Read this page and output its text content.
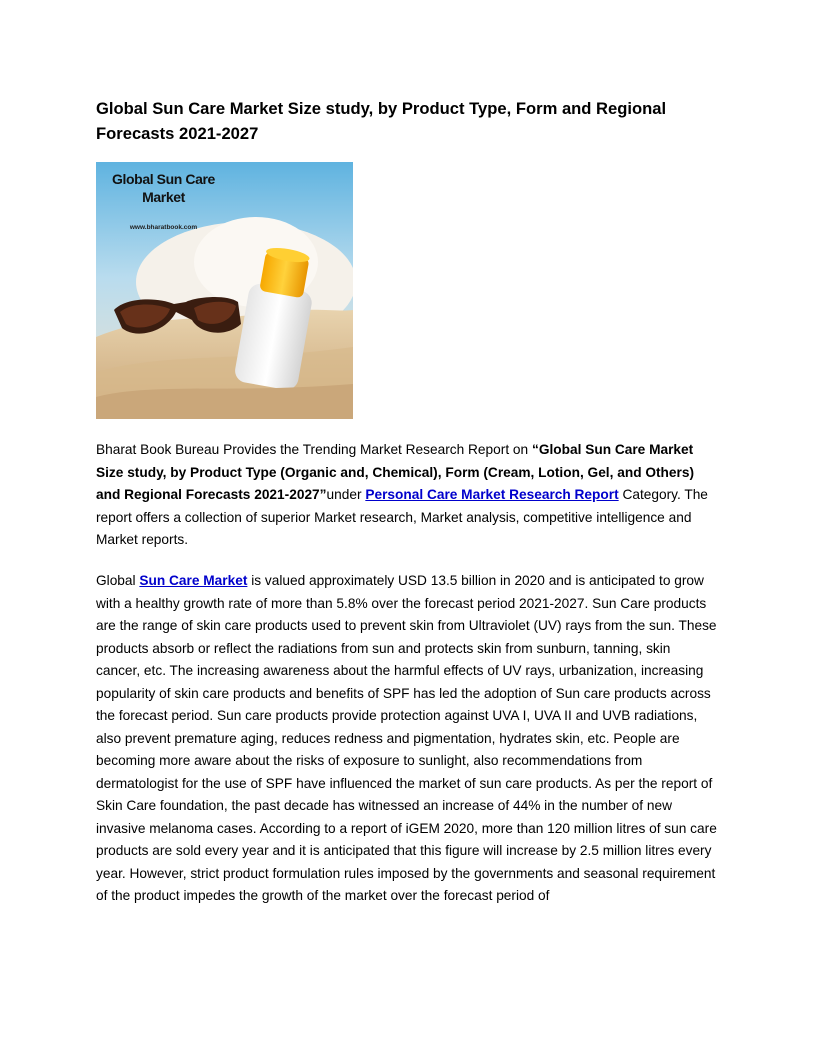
Global Sun Care Market Size study, by Product Type, Form and Regional Forecasts 2021-2027
Global Sun Care Market
www.bharatbook.com

Bharat Book Bureau Provides the Trending Market Research Report on “Global Sun Care Market Size study, by Product Type (Organic and, Chemical), Form (Cream, Lotion, Gel, and Others) and Regional Forecasts 2021-2027”under Personal Care Market Research Report Category. The report offers a collection of superior Market research, Market analysis, competitive intelligence and Market reports.

Global Sun Care Market is valued approximately USD 13.5 billion in 2020 and is anticipated to grow with a healthy growth rate of more than 5.8% over the forecast period 2021-2027. Sun Care products are the range of skin care products used to prevent skin from Ultraviolet (UV) rays from the sun. These products absorb or reflect the radiations from sun and protects skin from sunburn, tanning, skin cancer, etc. The increasing awareness about the harmful effects of UV rays, urbanization, increasing popularity of skin care products and benefits of SPF has led the adoption of Sun care products across the forecast period. Sun care products provide protection against UVA I, UVA II and UVB radiations, also prevent premature aging, reduces redness and pigmentation, hydrates skin, etc. People are becoming more aware about the risks of exposure to sunlight, also recommendations from dermatologist for the use of SPF have influenced the market of sun care products. As per the report of Skin Care foundation, the past decade has witnessed an increase of 44% in the number of new invasive melanoma cases. According to a report of iGEM 2020, more than 120 million litres of sun care products are sold every year and it is anticipated that this figure will increase by 2.5 million litres every year. However, strict product formulation rules imposed by the governments and seasonal requirement of the product impedes the growth of the market over the forecast period of
